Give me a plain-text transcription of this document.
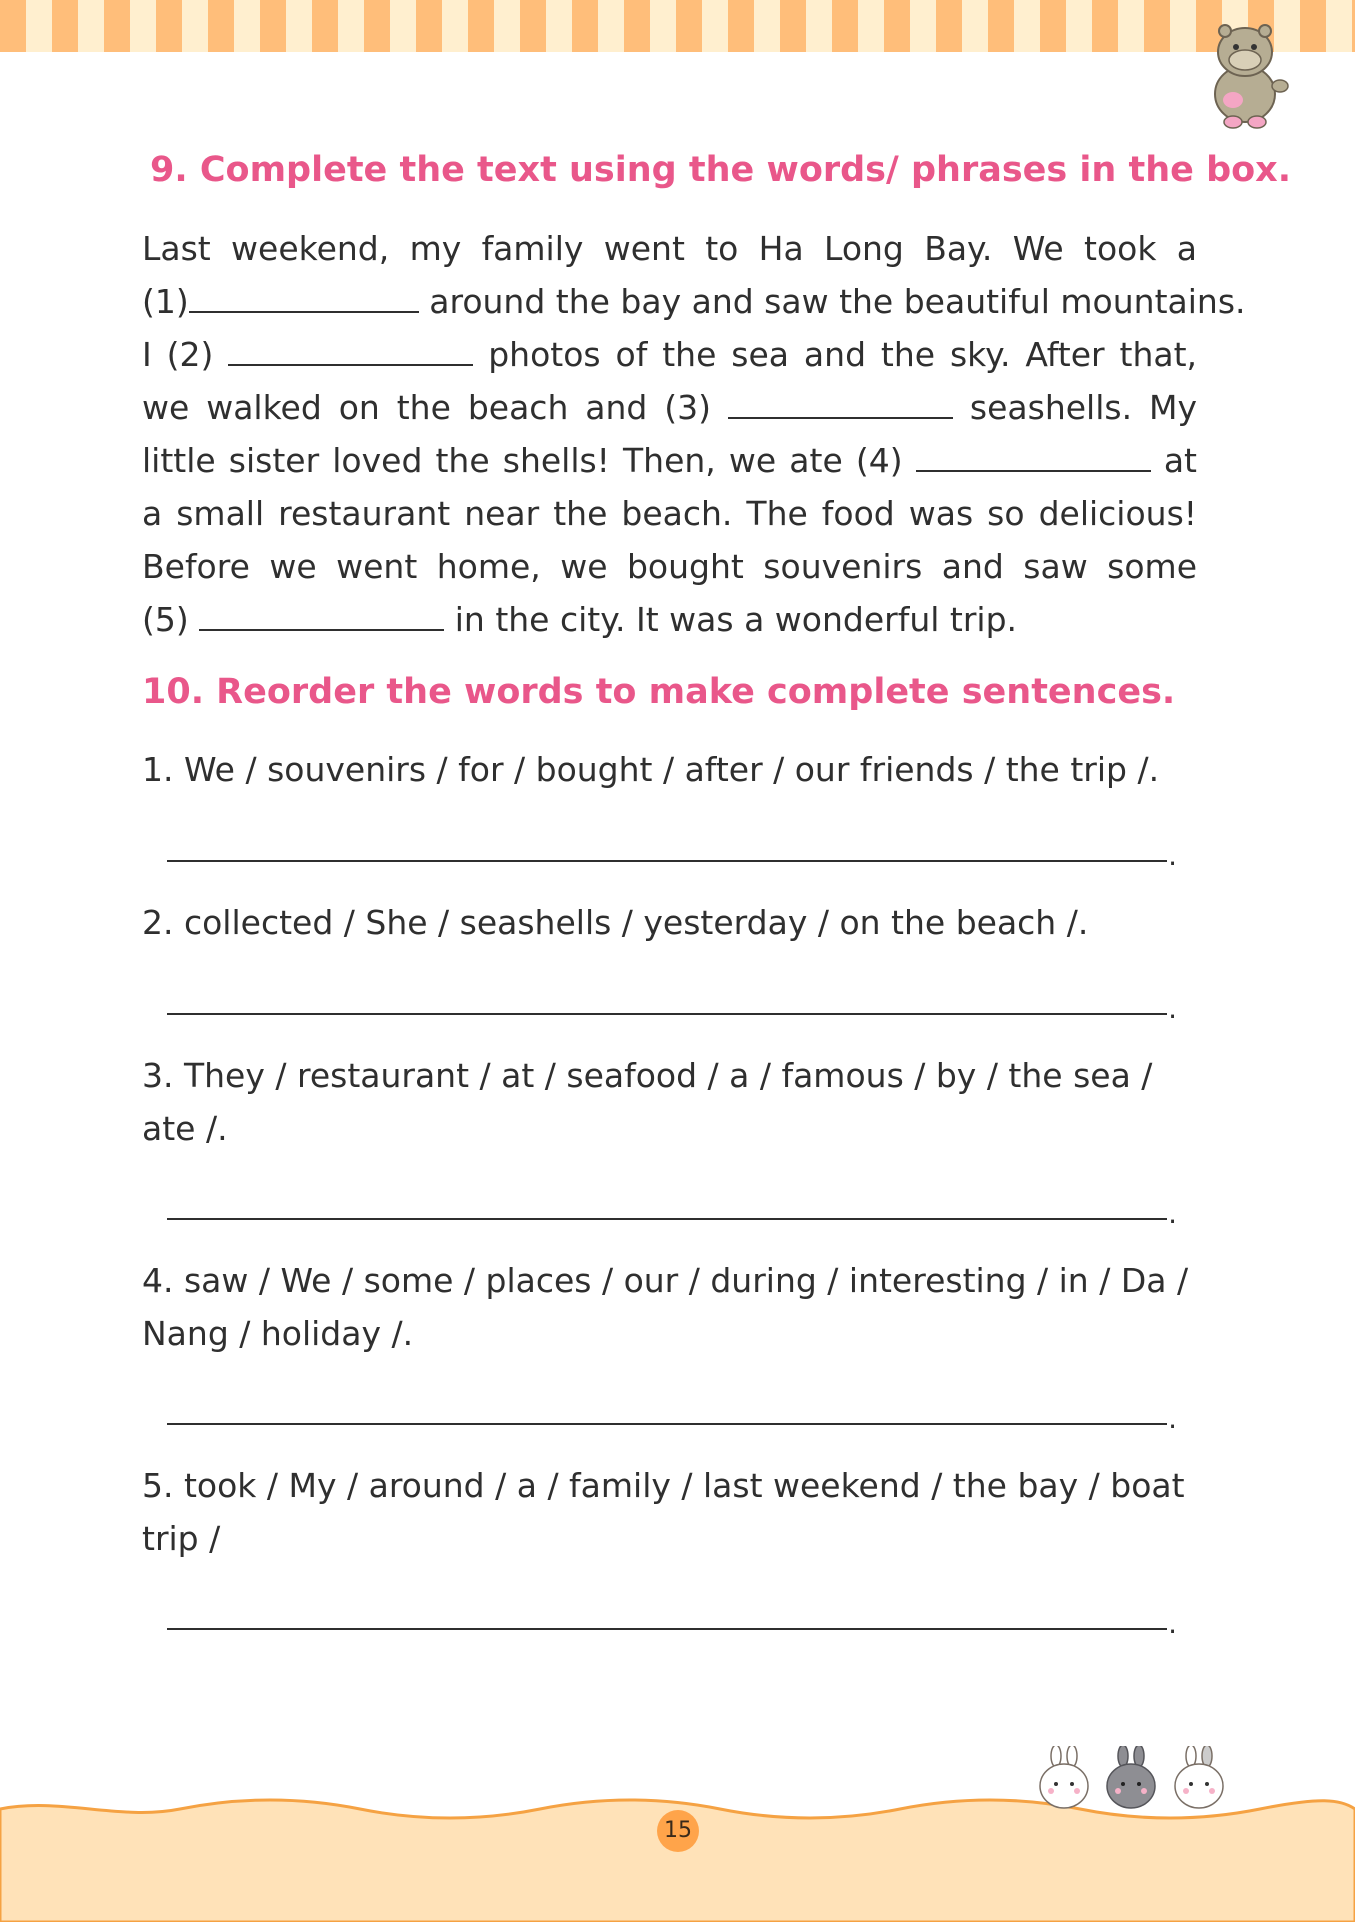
9. Complete the text using the words/ phrases in the box.
Last weekend, my family went to Ha Long Bay. We took a
(1)	around the bay and saw the beautiful mountains.
I (2)	photos of the sea and the sky. After that,
we walked on the beach and (3)	seashells. My
little sister loved the shells! Then, we ate (4)	at
a small restaurant near the beach. The food was so delicious!
Before we went home, we bought souvenirs and saw some
(5)	in the city. It was a wonderful trip.
10. Reorder the words to make complete sentences.
1. We / souvenirs / for / bought / after / our friends / the trip /.
.
2. collected / She / seashells / yesterday / on the beach /.
.
3. They / restaurant / at / seafood / a / famous / by / the sea / ate /.
.
4. saw / We / some / places / our / during / interesting / in / Da / Nang / holiday /.
.
5. took / My / around / a / family / last weekend / the bay / boat trip /
.
15
